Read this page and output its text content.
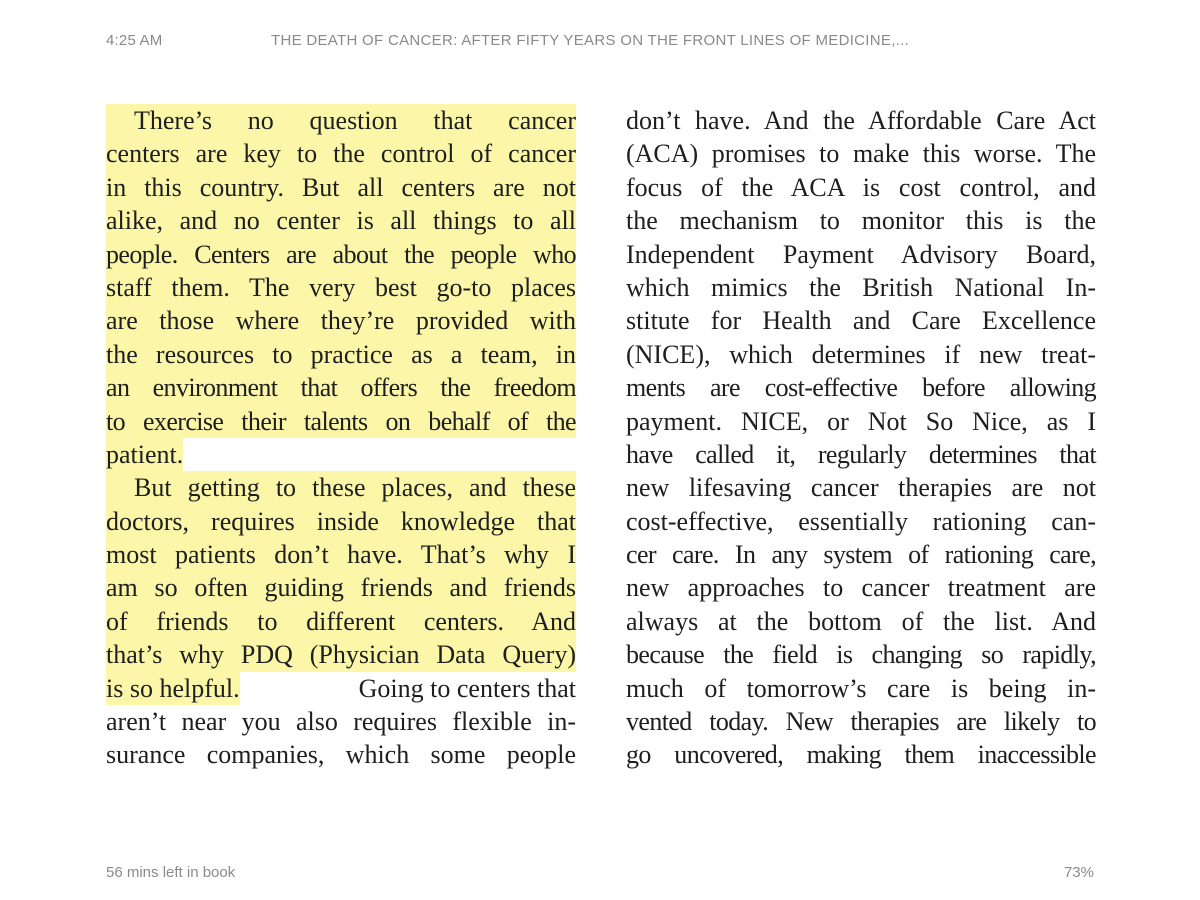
4:25 AM	THE DEATH OF CANCER: AFTER FIFTY YEARS ON THE FRONT LINES OF MEDICINE,...
There’s no question that cancer
centers are key to the control of cancer
in this country. But all centers are not
alike, and no center is all things to all
people. Centers are about the people who
staff them. The very best go-to places
are those where they’re provided with
the resources to practice as a team, in
an environment that offers the freedom
to exercise their talents on behalf of the
patient.
But getting to these places, and these
doctors, requires inside knowledge that
most patients don’t have. That’s why I
am so often guiding friends and friends
of friends to different centers. And
that’s why PDQ (Physician Data Query)
is so helpful.	Going to centers that
aren’t near you also requires flexible in-
surance companies, which some people
don’t have. And the Affordable Care Act
(ACA) promises to make this worse. The
focus of the ACA is cost control, and
the mechanism to monitor this is the
Independent Payment Advisory Board,
which mimics the British National In-
stitute for Health and Care Excellence
(NICE), which determines if new treat-
ments are cost-effective before allowing
payment. NICE, or Not So Nice, as I
have called it, regularly determines that
new lifesaving cancer therapies are not
cost-effective, essentially rationing can-
cer care. In any system of rationing care,
new approaches to cancer treatment are
always at the bottom of the list. And
because the field is changing so rapidly,
much of tomorrow’s care is being in-
vented today. New therapies are likely to
go uncovered, making them inaccessible
56 mins left in book	73%
